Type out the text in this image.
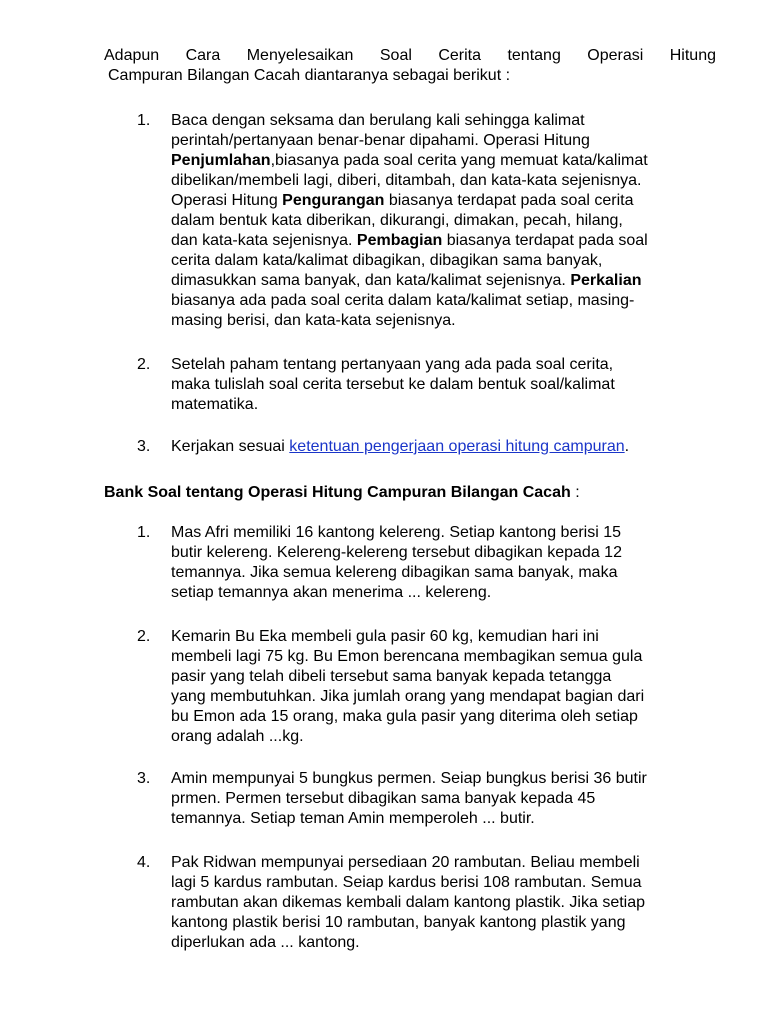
Adapun Cara Menyelesaikan Soal Cerita tentang Operasi Hitung
Campuran Bilangan Cacah diantaranya sebagai berikut :
1.	Baca dengan seksama dan berulang kali sehingga kalimat
perintah/pertanyaan benar-benar dipahami. Operasi Hitung
Penjumlahan,biasanya pada soal cerita yang memuat kata/kalimat
dibelikan/membeli lagi, diberi, ditambah, dan kata-kata sejenisnya.
Operasi Hitung Pengurangan biasanya terdapat pada soal cerita
dalam bentuk kata diberikan, dikurangi, dimakan, pecah, hilang,
dan kata-kata sejenisnya. Pembagian biasanya terdapat pada soal
cerita dalam kata/kalimat dibagikan, dibagikan sama banyak,
dimasukkan sama banyak, dan kata/kalimat sejenisnya. Perkalian
biasanya ada pada soal cerita dalam kata/kalimat setiap, masing-
masing berisi, dan kata-kata sejenisnya.
2.	Setelah paham tentang pertanyaan yang ada pada soal cerita,
maka tulislah soal cerita tersebut ke dalam bentuk soal/kalimat
matematika.
3.	Kerjakan sesuai ketentuan pengerjaan operasi hitung campuran.
Bank Soal tentang Operasi Hitung Campuran Bilangan Cacah :
1.	Mas Afri memiliki 16 kantong kelereng. Setiap kantong berisi 15
butir kelereng. Kelereng-kelereng tersebut dibagikan kepada 12
temannya. Jika semua kelereng dibagikan sama banyak, maka
setiap temannya akan menerima ... kelereng.
2.	Kemarin Bu Eka membeli gula pasir 60 kg, kemudian hari ini
membeli lagi 75 kg. Bu Emon berencana membagikan semua gula
pasir yang telah dibeli tersebut sama banyak kepada tetangga
yang membutuhkan. Jika jumlah orang yang mendapat bagian dari
bu Emon ada 15 orang, maka gula pasir yang diterima oleh setiap
orang adalah ...kg.
3.	Amin mempunyai 5 bungkus permen. Seiap bungkus berisi 36 butir
prmen. Permen tersebut dibagikan sama banyak kepada 45
temannya. Setiap teman Amin memperoleh ... butir.
4.	Pak Ridwan mempunyai persediaan 20 rambutan. Beliau membeli
lagi 5 kardus rambutan. Seiap kardus berisi 108 rambutan. Semua
rambutan akan dikemas kembali dalam kantong plastik. Jika setiap
kantong plastik berisi 10 rambutan, banyak kantong plastik yang
diperlukan ada ... kantong.
